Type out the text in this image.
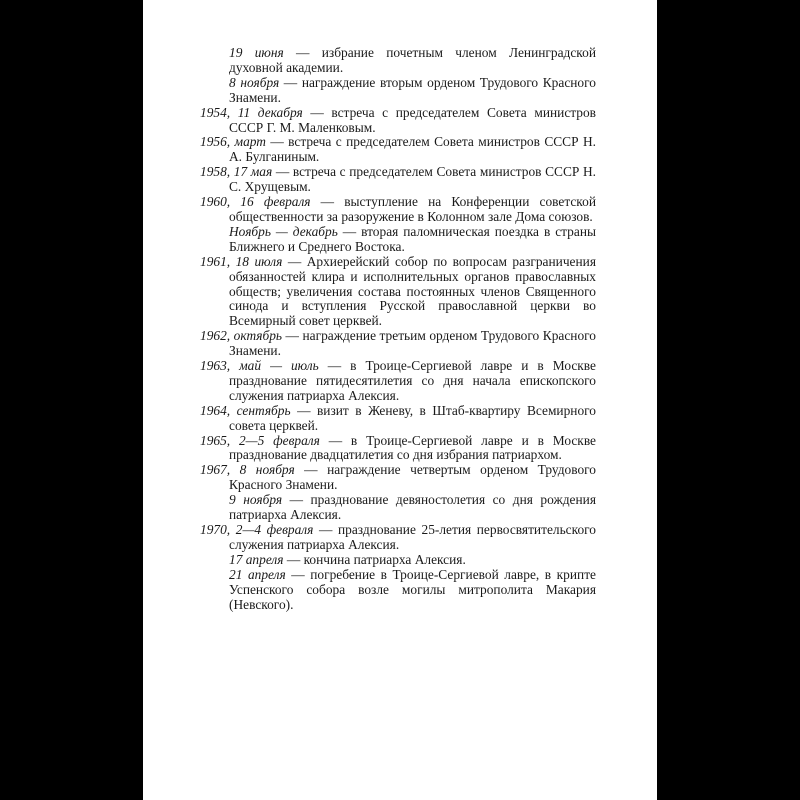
19 июня — избрание почетным членом Ленинградской духовной академии.

8 ноября — награждение вторым орденом Трудового Красного Знамени.

1954, 11 декабря — встреча с председателем Совета министров СССР Г. М. Маленковым.

1956, март — встреча с председателем Совета министров СССР Н. А. Булганиным.

1958, 17 мая — встреча с председателем Совета министров СССР Н. С. Хрущевым.

1960, 16 февраля — выступление на Конференции советской общественности за разоружение в Колонном зале Дома союзов.

Ноябрь — декабрь — вторая паломническая поездка в страны Ближнего и Среднего Востока.

1961, 18 июля — Архиерейский собор по вопросам разграничения обязанностей клира и исполнительных органов православных обществ; увеличения состава постоянных членов Священного синода и вступления Русской православной церкви во Всемирный совет церквей.

1962, октябрь — награждение третьим орденом Трудового Красного Знамени.

1963, май — июль — в Троице-Сергиевой лавре и в Москве празднование пятидесятилетия со дня начала епископского служения патриарха Алексия.

1964, сентябрь — визит в Женеву, в Штаб-квартиру Всемирного совета церквей.

1965, 2—5 февраля — в Троице-Сергиевой лавре и в Москве празднование двадцатилетия со дня избрания патриархом.

1967, 8 ноября — награждение четвертым орденом Трудового Красного Знамени.

9 ноября — празднование девяностолетия со дня рождения патриарха Алексия.

1970, 2—4 февраля — празднование 25-летия первосвятительского служения патриарха Алексия.

17 апреля — кончина патриарха Алексия.

21 апреля — погребение в Троице-Сергиевой лавре, в крипте Успенского собора возле могилы митрополита Макария (Невского).
